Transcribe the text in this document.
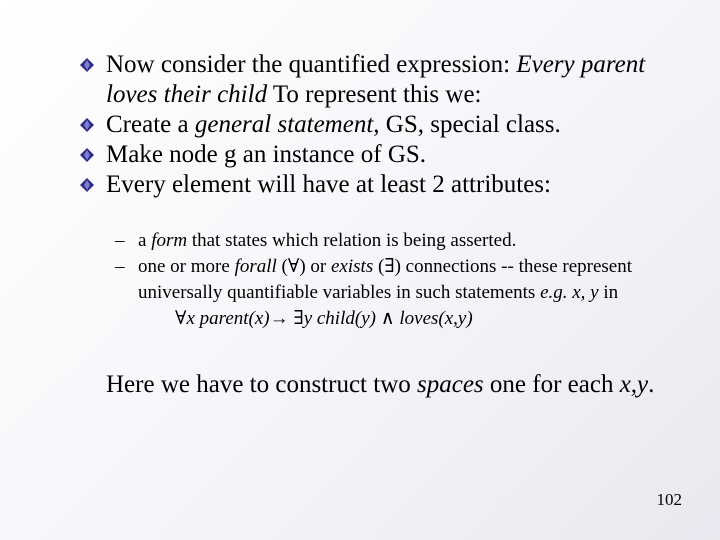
Now consider the quantified expression: Every parent loves their child To represent this we:

Create a general statement, GS, special class.

Make node g an instance of GS.

Every element will have at least 2 attributes:

– a form that states which relation is being asserted.
– one or more forall (∀) or exists (∃) connections -- these represent universally quantifiable variables in such statements e.g. x, y in
∀x parent(x)→ ∃y child(y) ∧ loves(x,y)
Here we have to construct two spaces one for each x,y.
102
